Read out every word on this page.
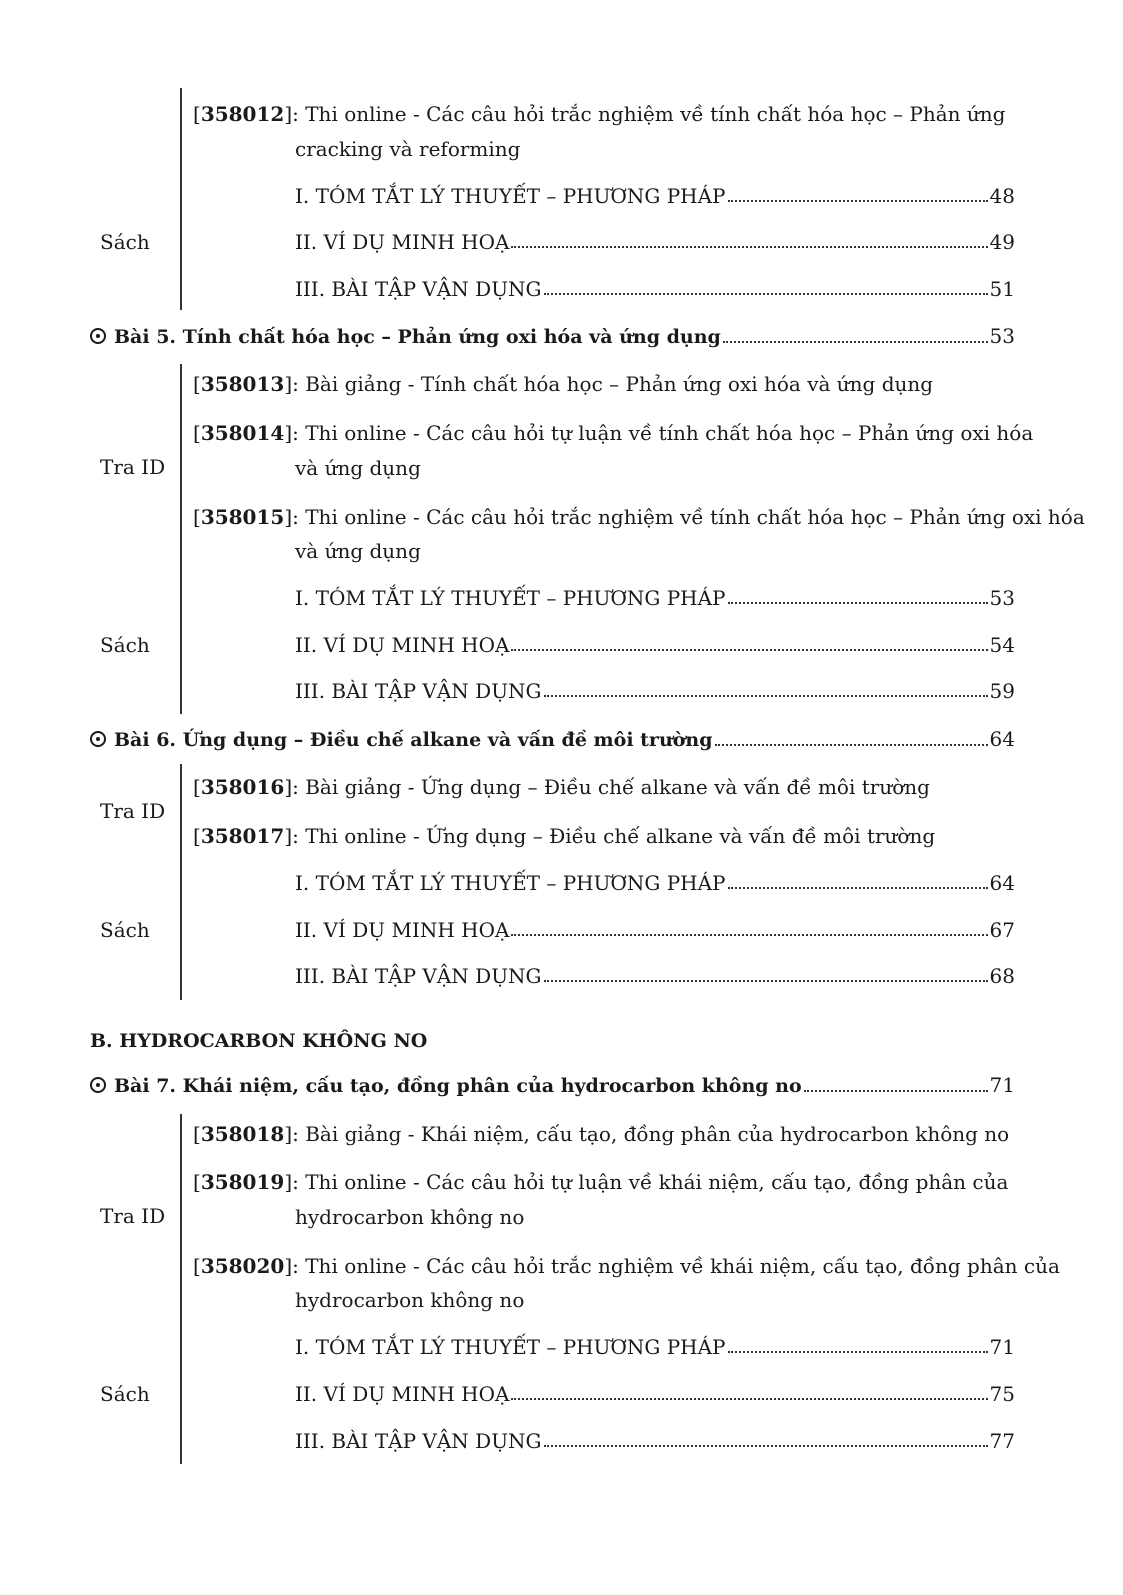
[358012]: Thi online - Các câu hỏi trắc nghiệm về tính chất hóa học – Phản ứng
cracking và reforming
Sách
I. TÓM TẮT LÝ THUYẾT – PHƯƠNG PHÁP	48
II. VÍ DỤ MINH HOẠ	49
III. BÀI TẬP VẬN DỤNG	51
Bài 5. Tính chất hóa học – Phản ứng oxi hóa và ứng dụng	53
Tra ID
[358013]: Bài giảng - Tính chất hóa học – Phản ứng oxi hóa và ứng dụng
[358014]: Thi online - Các câu hỏi tự luận về tính chất hóa học – Phản ứng oxi hóa
và ứng dụng
[358015]: Thi online - Các câu hỏi trắc nghiệm về tính chất hóa học – Phản ứng oxi hóa
và ứng dụng
Sách
I. TÓM TẮT LÝ THUYẾT – PHƯƠNG PHÁP	53
II. VÍ DỤ MINH HOẠ	54
III. BÀI TẬP VẬN DỤNG	59
Bài 6. Ứng dụng – Điều chế alkane và vấn đề môi trường	64
Tra ID
[358016]: Bài giảng - Ứng dụng – Điều chế alkane và vấn đề môi trường
[358017]: Thi online - Ứng dụng – Điều chế alkane và vấn đề môi trường
Sách
I. TÓM TẮT LÝ THUYẾT – PHƯƠNG PHÁP	64
II. VÍ DỤ MINH HOẠ	67
III. BÀI TẬP VẬN DỤNG	68
B. HYDROCARBON KHÔNG NO
Bài 7. Khái niệm, cấu tạo, đồng phân của hydrocarbon không no	71
Tra ID
[358018]: Bài giảng - Khái niệm, cấu tạo, đồng phân của hydrocarbon không no
[358019]: Thi online - Các câu hỏi tự luận về khái niệm, cấu tạo, đồng phân của
hydrocarbon không no
[358020]: Thi online - Các câu hỏi trắc nghiệm về khái niệm, cấu tạo, đồng phân của
hydrocarbon không no
Sách
I. TÓM TẮT LÝ THUYẾT – PHƯƠNG PHÁP	71
II. VÍ DỤ MINH HOẠ	75
III. BÀI TẬP VẬN DỤNG	77
